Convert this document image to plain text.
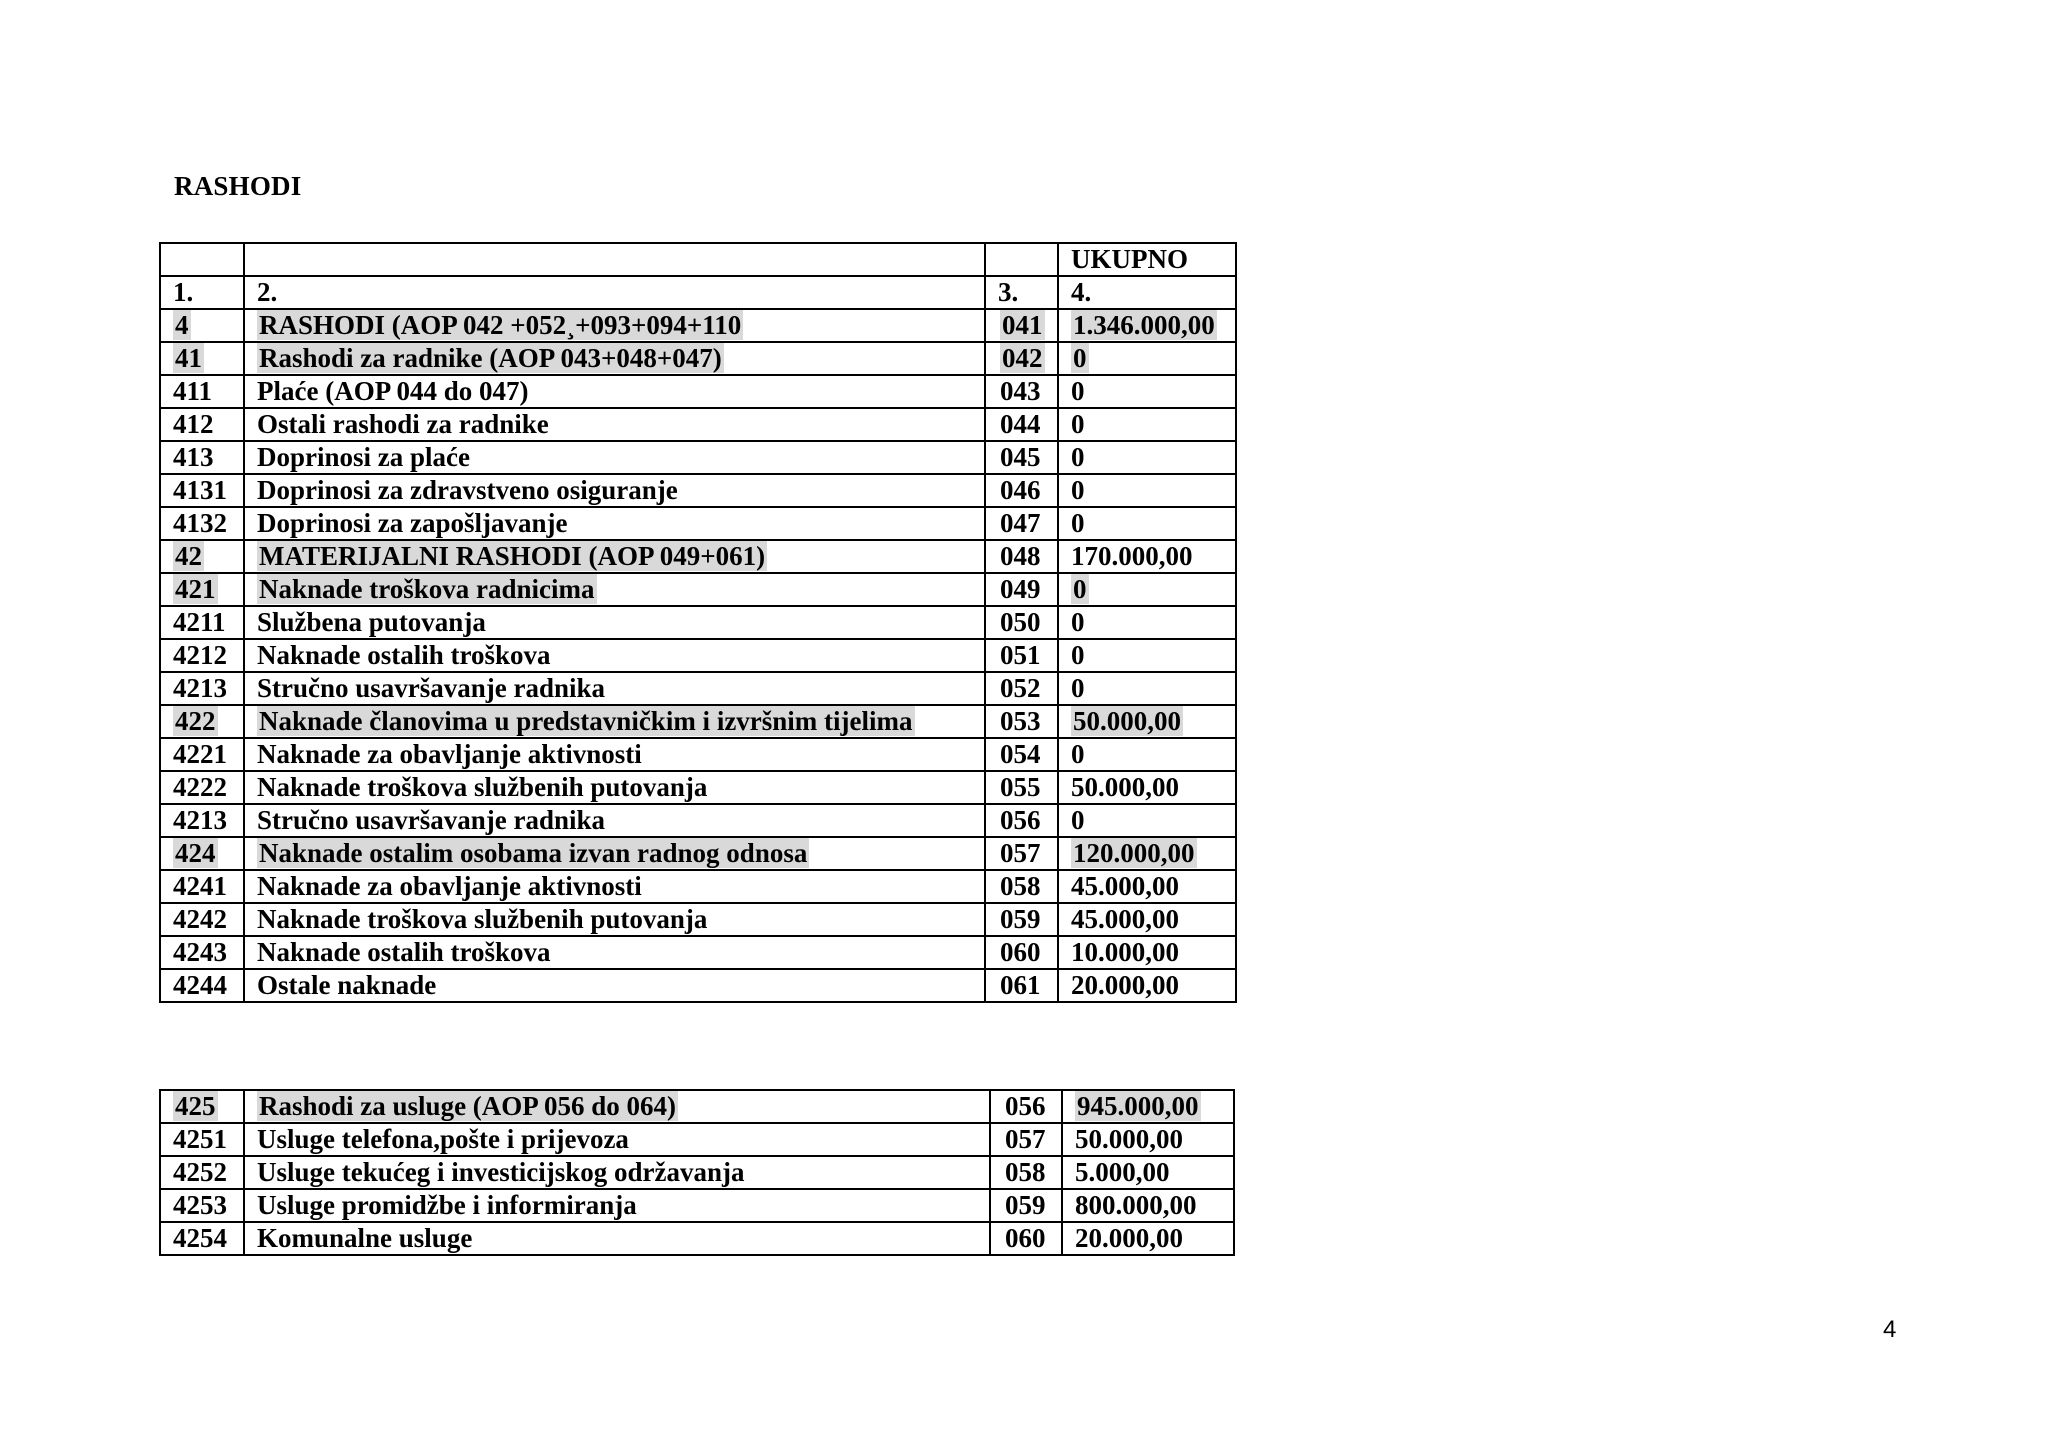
RASHODI
			UKUPNO
1.	2.	3.	4.
4	RASHODI (AOP 042 +052¸+093+094+110	041	1.346.000,00
41	Rashodi za radnike (AOP 043+048+047)	042	0
411	Plaće (AOP 044 do 047)	043	0
412	Ostali rashodi za radnike	044	0
413	Doprinosi za plaće	045	0
4131	Doprinosi za zdravstveno osiguranje	046	0
4132	Doprinosi za zapošljavanje	047	0
42	MATERIJALNI RASHODI (AOP 049+061)	048	170.000,00
421	Naknade troškova radnicima	049	0
4211	Službena putovanja	050	0
4212	Naknade ostalih troškova	051	0
4213	Stručno usavršavanje radnika	052	0
422	Naknade članovima u predstavničkim i izvršnim tijelima	053	50.000,00
4221	Naknade za obavljanje aktivnosti	054	0
4222	Naknade troškova službenih putovanja	055	50.000,00
4213	Stručno usavršavanje radnika	056	0
424	Naknade ostalim osobama izvan radnog odnosa	057	120.000,00
4241	Naknade za obavljanje aktivnosti	058	45.000,00
4242	Naknade troškova službenih putovanja	059	45.000,00
4243	Naknade ostalih troškova	060	10.000,00
4244	Ostale naknade	061	20.000,00
425	Rashodi za usluge (AOP 056 do 064)	056	945.000,00
4251	Usluge telefona,pošte i prijevoza	057	50.000,00
4252	Usluge tekućeg i investicijskog održavanja	058	5.000,00
4253	Usluge promidžbe i informiranja	059	800.000,00
4254	Komunalne usluge	060	20.000,00
4
